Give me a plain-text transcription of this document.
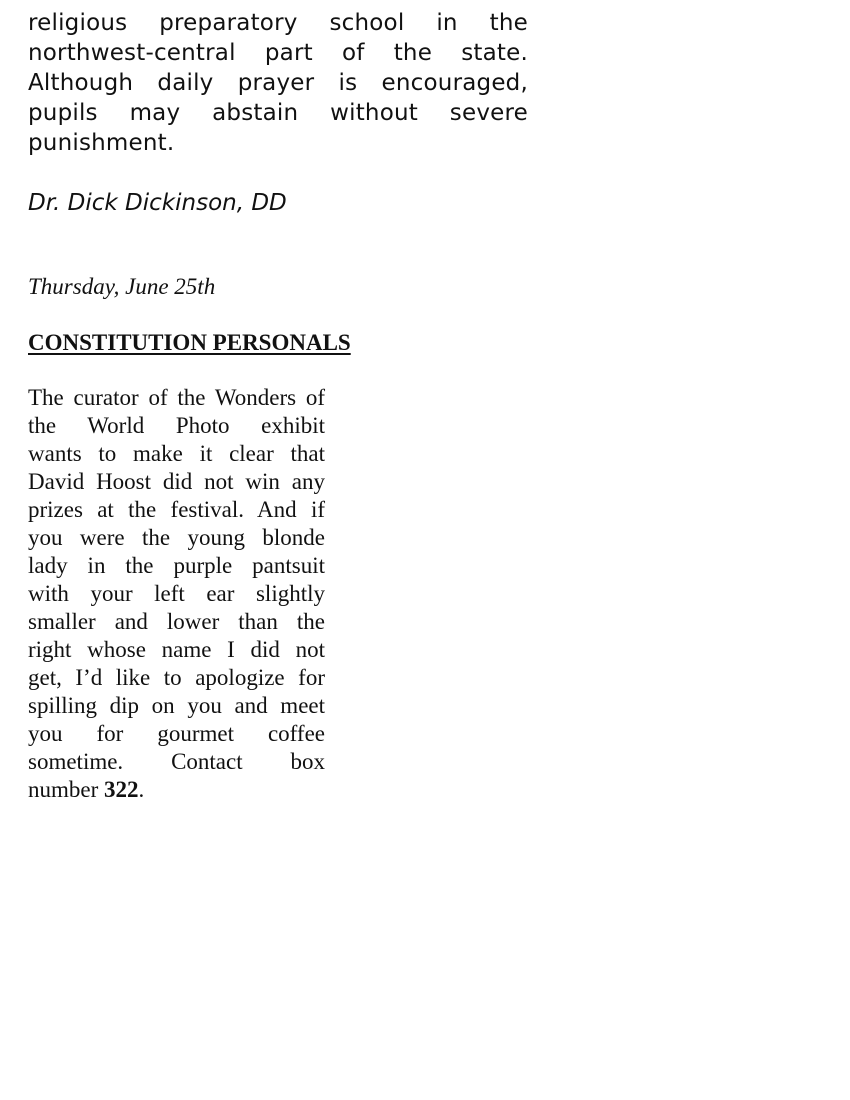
religious preparatory school in the
northwest-central part of the state.
Although daily prayer is encouraged,
pupils may abstain without severe
punishment.
Dr. Dick Dickinson, DD
Thursday, June 25th
CONSTITUTION PERSONALS
The curator of the Wonders of
the World Photo exhibit
wants to make it clear that
David Hoost did not win any
prizes at the festival. And if
you were the young blonde
lady in the purple pantsuit
with your left ear slightly
smaller and lower than the
right whose name I did not
get, I’d like to apologize for
spilling dip on you and meet
you for gourmet coffee
sometime. Contact box
number 322.
